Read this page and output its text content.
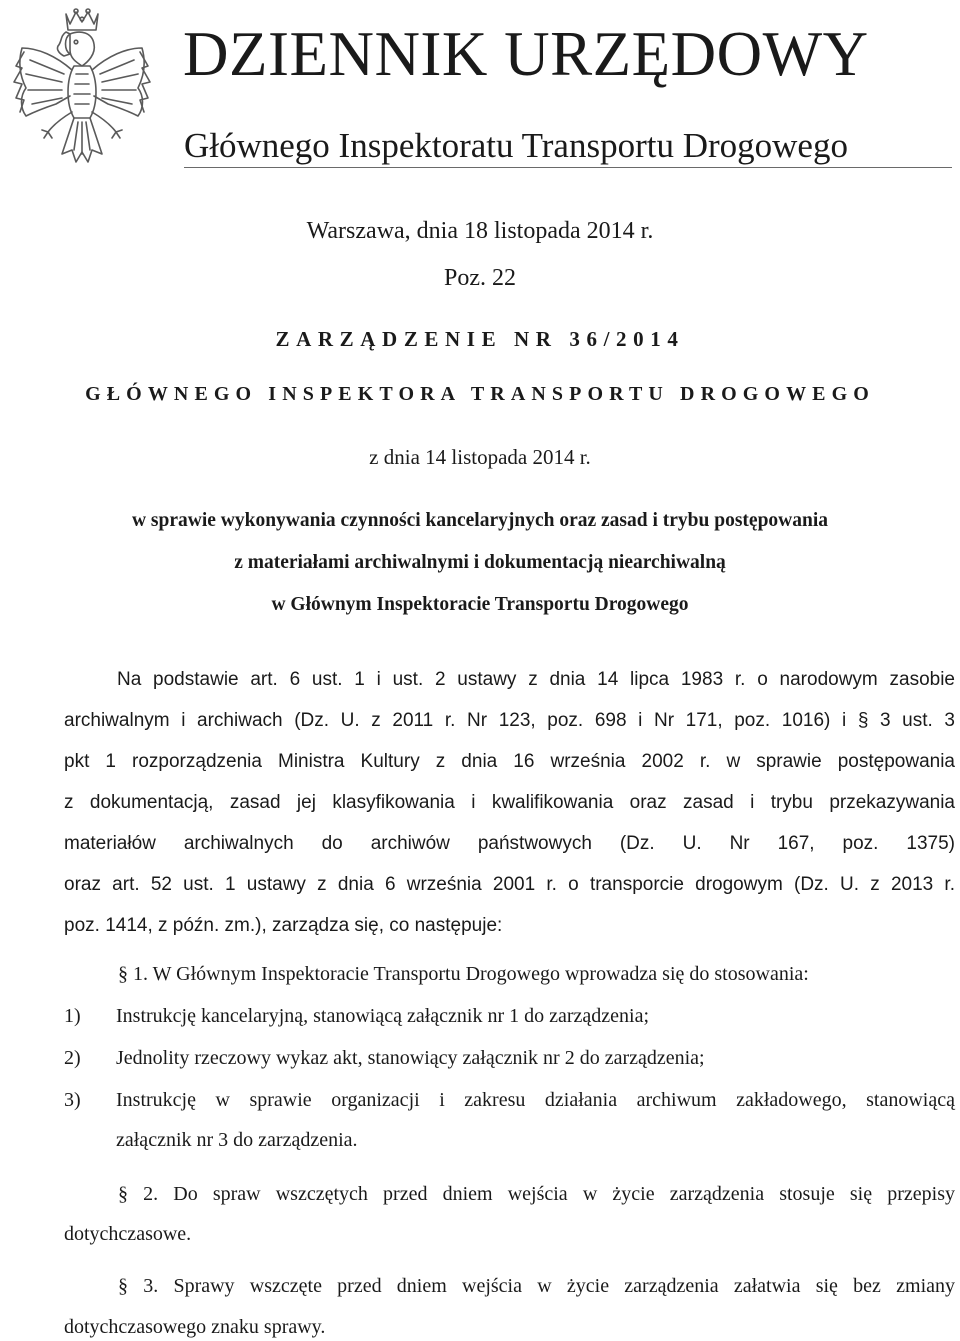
DZIENNIK URZĘDOWY
Głównego Inspektoratu Transportu Drogowego
Warszawa, dnia 18 listopada 2014 r.
Poz. 22
ZARZĄDZENIE NR 36/2014
GŁÓWNEGO INSPEKTORA TRANSPORTU DROGOWEGO
z dnia 14 listopada 2014 r.
w sprawie wykonywania czynności kancelaryjnych oraz zasad i trybu postępowania
z materiałami archiwalnymi i dokumentacją niearchiwalną
w Głównym Inspektoracie Transportu Drogowego
Na podstawie art. 6 ust. 1 i ust. 2 ustawy z dnia 14 lipca 1983 r. o narodowym zasobie
archiwalnym i archiwach (Dz. U. z 2011 r. Nr 123, poz. 698 i Nr 171, poz. 1016) i § 3 ust. 3
pkt 1 rozporządzenia Ministra Kultury z dnia 16 września 2002 r. w sprawie postępowania
z dokumentacją, zasad jej klasyfikowania i kwalifikowania oraz zasad i trybu przekazywania
materiałów archiwalnych do archiwów państwowych (Dz. U. Nr 167, poz. 1375)
oraz art. 52 ust. 1 ustawy z dnia 6 września 2001 r. o transporcie drogowym (Dz. U. z 2013 r.
poz. 1414, z późn. zm.), zarządza się, co następuje:
§ 1. W Głównym Inspektoracie Transportu Drogowego wprowadza się do stosowania:
1) Instrukcję kancelaryjną, stanowiącą załącznik nr 1 do zarządzenia;
2) Jednolity rzeczowy wykaz akt, stanowiący załącznik nr 2 do zarządzenia;
3) Instrukcję w sprawie organizacji i zakresu działania archiwum zakładowego, stanowiącą
załącznik nr 3 do zarządzenia.
§ 2. Do spraw wszczętych przed dniem wejścia w życie zarządzenia stosuje się przepisy
dotychczasowe.
§ 3. Sprawy wszczęte przed dniem wejścia w życie zarządzenia załatwia się bez zmiany
dotychczasowego znaku sprawy.
